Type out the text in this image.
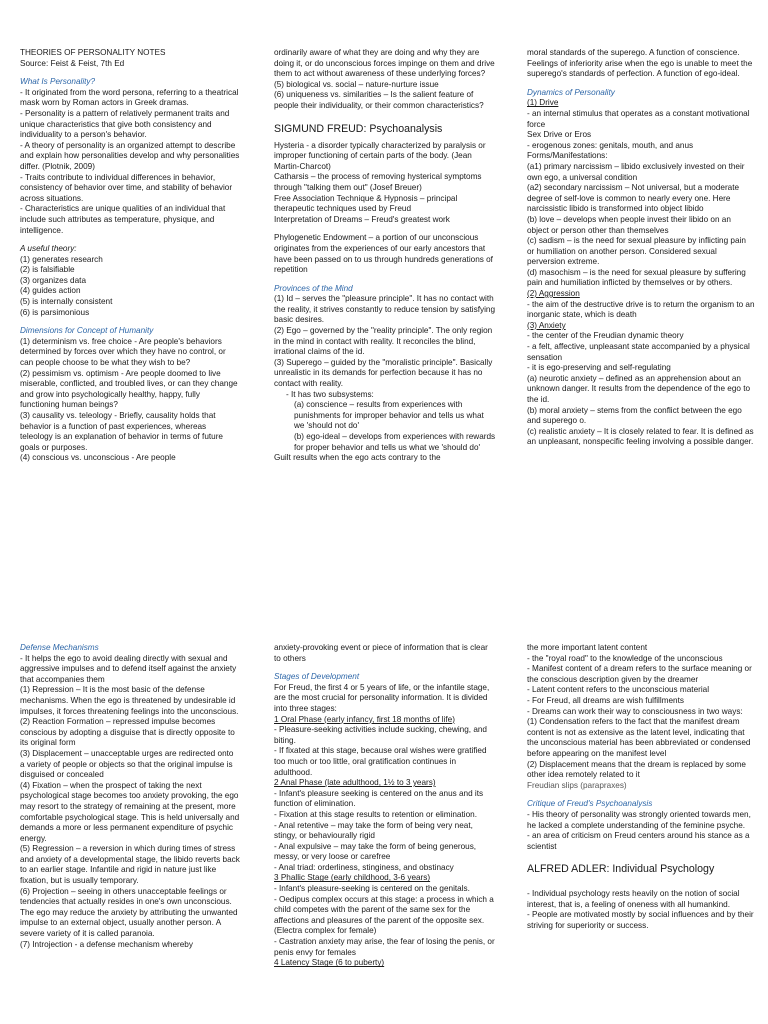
THEORIES OF PERSONALITY NOTES

Source: Feist & Feist, 7th Ed

What Is Personality?

- It originated from the word persona, referring to a theatrical mask worn by Roman actors in Greek dramas.

- Personality is a pattern of relatively permanent traits and unique characteristics that give both consistency and individuality to a person's behavior.

- A theory of personality is an organized attempt to describe and explain how personalities develop and why personalities differ. (Plotnik, 2009)

- Traits contribute to individual differences in behavior, consistency of behavior over time, and stability of behavior across situations.

- Characteristics are unique qualities of an individual that include such attributes as temperature, physique, and intelligence.

A useful theory:

(1) generates research

(2) is falsifiable

(3) organizes data

(4) guides action

(5) is internally consistent

(6) is parsimonious

Dimensions for Concept of Humanity

(1) determinism vs. free choice - Are people's behaviors determined by forces over which they have no control, or can people choose to be what they wish to be?

(2) pessimism vs. optimism - Are people doomed to live miserable, conflicted, and troubled lives, or can they change and grow into psychologically healthy, happy, fully functioning human beings?

(3) causality vs. teleology - Briefly, causality holds that behavior is a function of past experiences, whereas teleology is an explanation of behavior in terms of future goals or purposes.

(4) conscious vs. unconscious - Are people

ordinarily aware of what they are doing and why they are doing it, or do unconscious forces impinge on them and drive them to act without awareness of these underlying forces?

(5) biological vs. social – nature-nurture issue

(6) uniqueness vs. similarities – Is the salient feature of people their individuality, or their common characteristics?

SIGMUND FREUD: Psychoanalysis

Hysteria - a disorder typically characterized by paralysis or improper functioning of certain parts of the body. (Jean Martin-Charcot)

Catharsis – the process of removing hysterical symptoms through "talking them out" (Josef Breuer)

Free Association Technique & Hypnosis – principal therapeutic techniques used by Freud

Interpretation of Dreams – Freud's greatest work

Phylogenetic Endowment – a portion of our unconscious originates from the experiences of our early ancestors that have been passed on to us through hundreds generations of repetition

Provinces of the Mind

(1) Id – serves the "pleasure principle". It has no contact with the reality, it strives constantly to reduce tension by satisfying basic desires.

(2) Ego – governed by the "reality principle". The only region in the mind in contact with reality. It reconciles the blind, irrational claims of the id.

(3) Superego – guided by the "moralistic principle". Basically unrealistic in its demands for perfection because it has no contact with reality.

- It has two subsystems:

(a) conscience – results from experiences with punishments for improper behavior and tells us what we 'should not do'

(b) ego-ideal – develops from experiences with rewards for proper behavior and tells us what we 'should do'

Guilt results when the ego acts contrary to the

moral standards of the superego. A function of conscience.

Feelings of inferiority arise when the ego is unable to meet the superego's standards of perfection. A function of ego-ideal.

Dynamics of Personality

(1) Drive

- an internal stimulus that operates as a constant motivational force

Sex Drive or Eros

- erogenous zones: genitals, mouth, and anus

Forms/Manifestations:

(a1) primary narcissism – libido exclusively invested on their own ego, a universal condition

(a2) secondary narcissism – Not universal, but a moderate degree of self-love is common to nearly every one. Here narcissistic libido is transformed into object libido

(b) love – develops when people invest their libido on an object or person other than themselves

(c) sadism – is the need for sexual pleasure by inflicting pain or humiliation on another person. Considered sexual perversion extreme.

(d) masochism – is the need for sexual pleasure by suffering pain and humiliation inflicted by themselves or by others.

(2) Aggression

- the aim of the destructive drive is to return the organism to an inorganic state, which is death

(3) Anxiety

- the center of the Freudian dynamic theory

- a felt, affective, unpleasant state accompanied by a physical sensation

- it is ego-preserving and self-regulating

(a) neurotic anxiety – defined as an apprehension about an unknown danger. It results from the dependence of the ego to the id.

(b) moral anxiety – stems from the conflict between the ego and superego o.

(c) realistic anxiety – It is closely related to fear. It is defined as an unpleasant, nonspecific feeling involving a possible danger.

Defense Mechanisms

- It helps the ego to avoid dealing directly with sexual and aggressive impulses and to defend itself against the anxiety that accompanies them

(1) Repression – It is the most basic of the defense mechanisms. When the ego is threatened by undesirable id impulses, it forces threatening feelings into the unconscious.

(2) Reaction Formation – repressed impulse becomes conscious by adopting a disguise that is directly opposite to its original form

(3) Displacement – unacceptable urges are redirected onto a variety of people or objects so that the original impulse is disguised or concealed

(4) Fixation – when the prospect of taking the next psychological stage becomes too anxiety provoking, the ego may resort to the strategy of remaining at the present, more comfortable psychological stage. This is held universally and demands a more or less permanent expenditure of psychic energy.

(5) Regression – a reversion in which during times of stress and anxiety of a developmental stage, the libido reverts back to an earlier stage. Infantile and rigid in nature just like fixation, but is usually temporary.

(6) Projection – seeing in others unacceptable feelings or tendencies that actually resides in one's own unconscious. The ego may reduce the anxiety by attributing the unwanted impulse to an external object, usually another person. A severe variety of it is called paranoia.

(7) Introjection - a defense mechanism whereby

anxiety-provoking event or piece of information that is clear to others

Stages of Development

For Freud, the first 4 or 5 years of life, or the infantile stage, are the most crucial for personality information. It is divided into three stages:

1 Oral Phase (early infancy, first 18 months of life)

- Pleasure-seeking activities include sucking, chewing, and biting.

- If fixated at this stage, because oral wishes were gratified too much or too little, oral gratification continues in adulthood.

2 Anal Phase (late adulthood, 1½ to 3 years)

- Infant's pleasure seeking is centered on the anus and its function of elimination.

- Fixation at this stage results to retention or elimination.

- Anal retentive – may take the form of being very neat, stingy, or behaviourally rigid

- Anal expulsive – may take the form of being generous, messy, or very loose or carefree

- Anal triad: orderliness, stinginess, and obstinacy

3 Phallic Stage (early childhood, 3-6 years)

- Infant's pleasure-seeking is centered on the genitals.

- Oedipus complex occurs at this stage: a process in which a child competes with the parent of the same sex for the affections and pleasures of the parent of the opposite sex. (Electra complex for female)

- Castration anxiety may arise, the fear of losing the penis, or penis envy for females

4 Latency Stage (6 to puberty)

the more important latent content

- the "royal road" to the knowledge of the unconscious

- Manifest content of a dream refers to the surface meaning or the conscious description given by the dreamer

- Latent content refers to the unconscious material

- For Freud, all dreams are wish fulfillments

- Dreams can work their way to consciousness in two ways:

(1) Condensation refers to the fact that the manifest dream content is not as extensive as the latent level, indicating that the unconscious material has been abbreviated or condensed before appearing on the manifest level

(2) Displacement means that the dream is replaced by some other idea remotely related to it

Freudian slips (parapraxes)

Critique of Freud's Psychoanalysis

- His theory of personality was strongly oriented towards men, he lacked a complete understanding of the feminine psyche.

- an area of criticism on Freud centers around his stance as a scientist

ALFRED ADLER: Individual Psychology

- Individual psychology rests heavily on the notion of social interest, that is, a feeling of oneness with all humankind.

- People are motivated mostly by social influences and by their striving for superiority or success.
